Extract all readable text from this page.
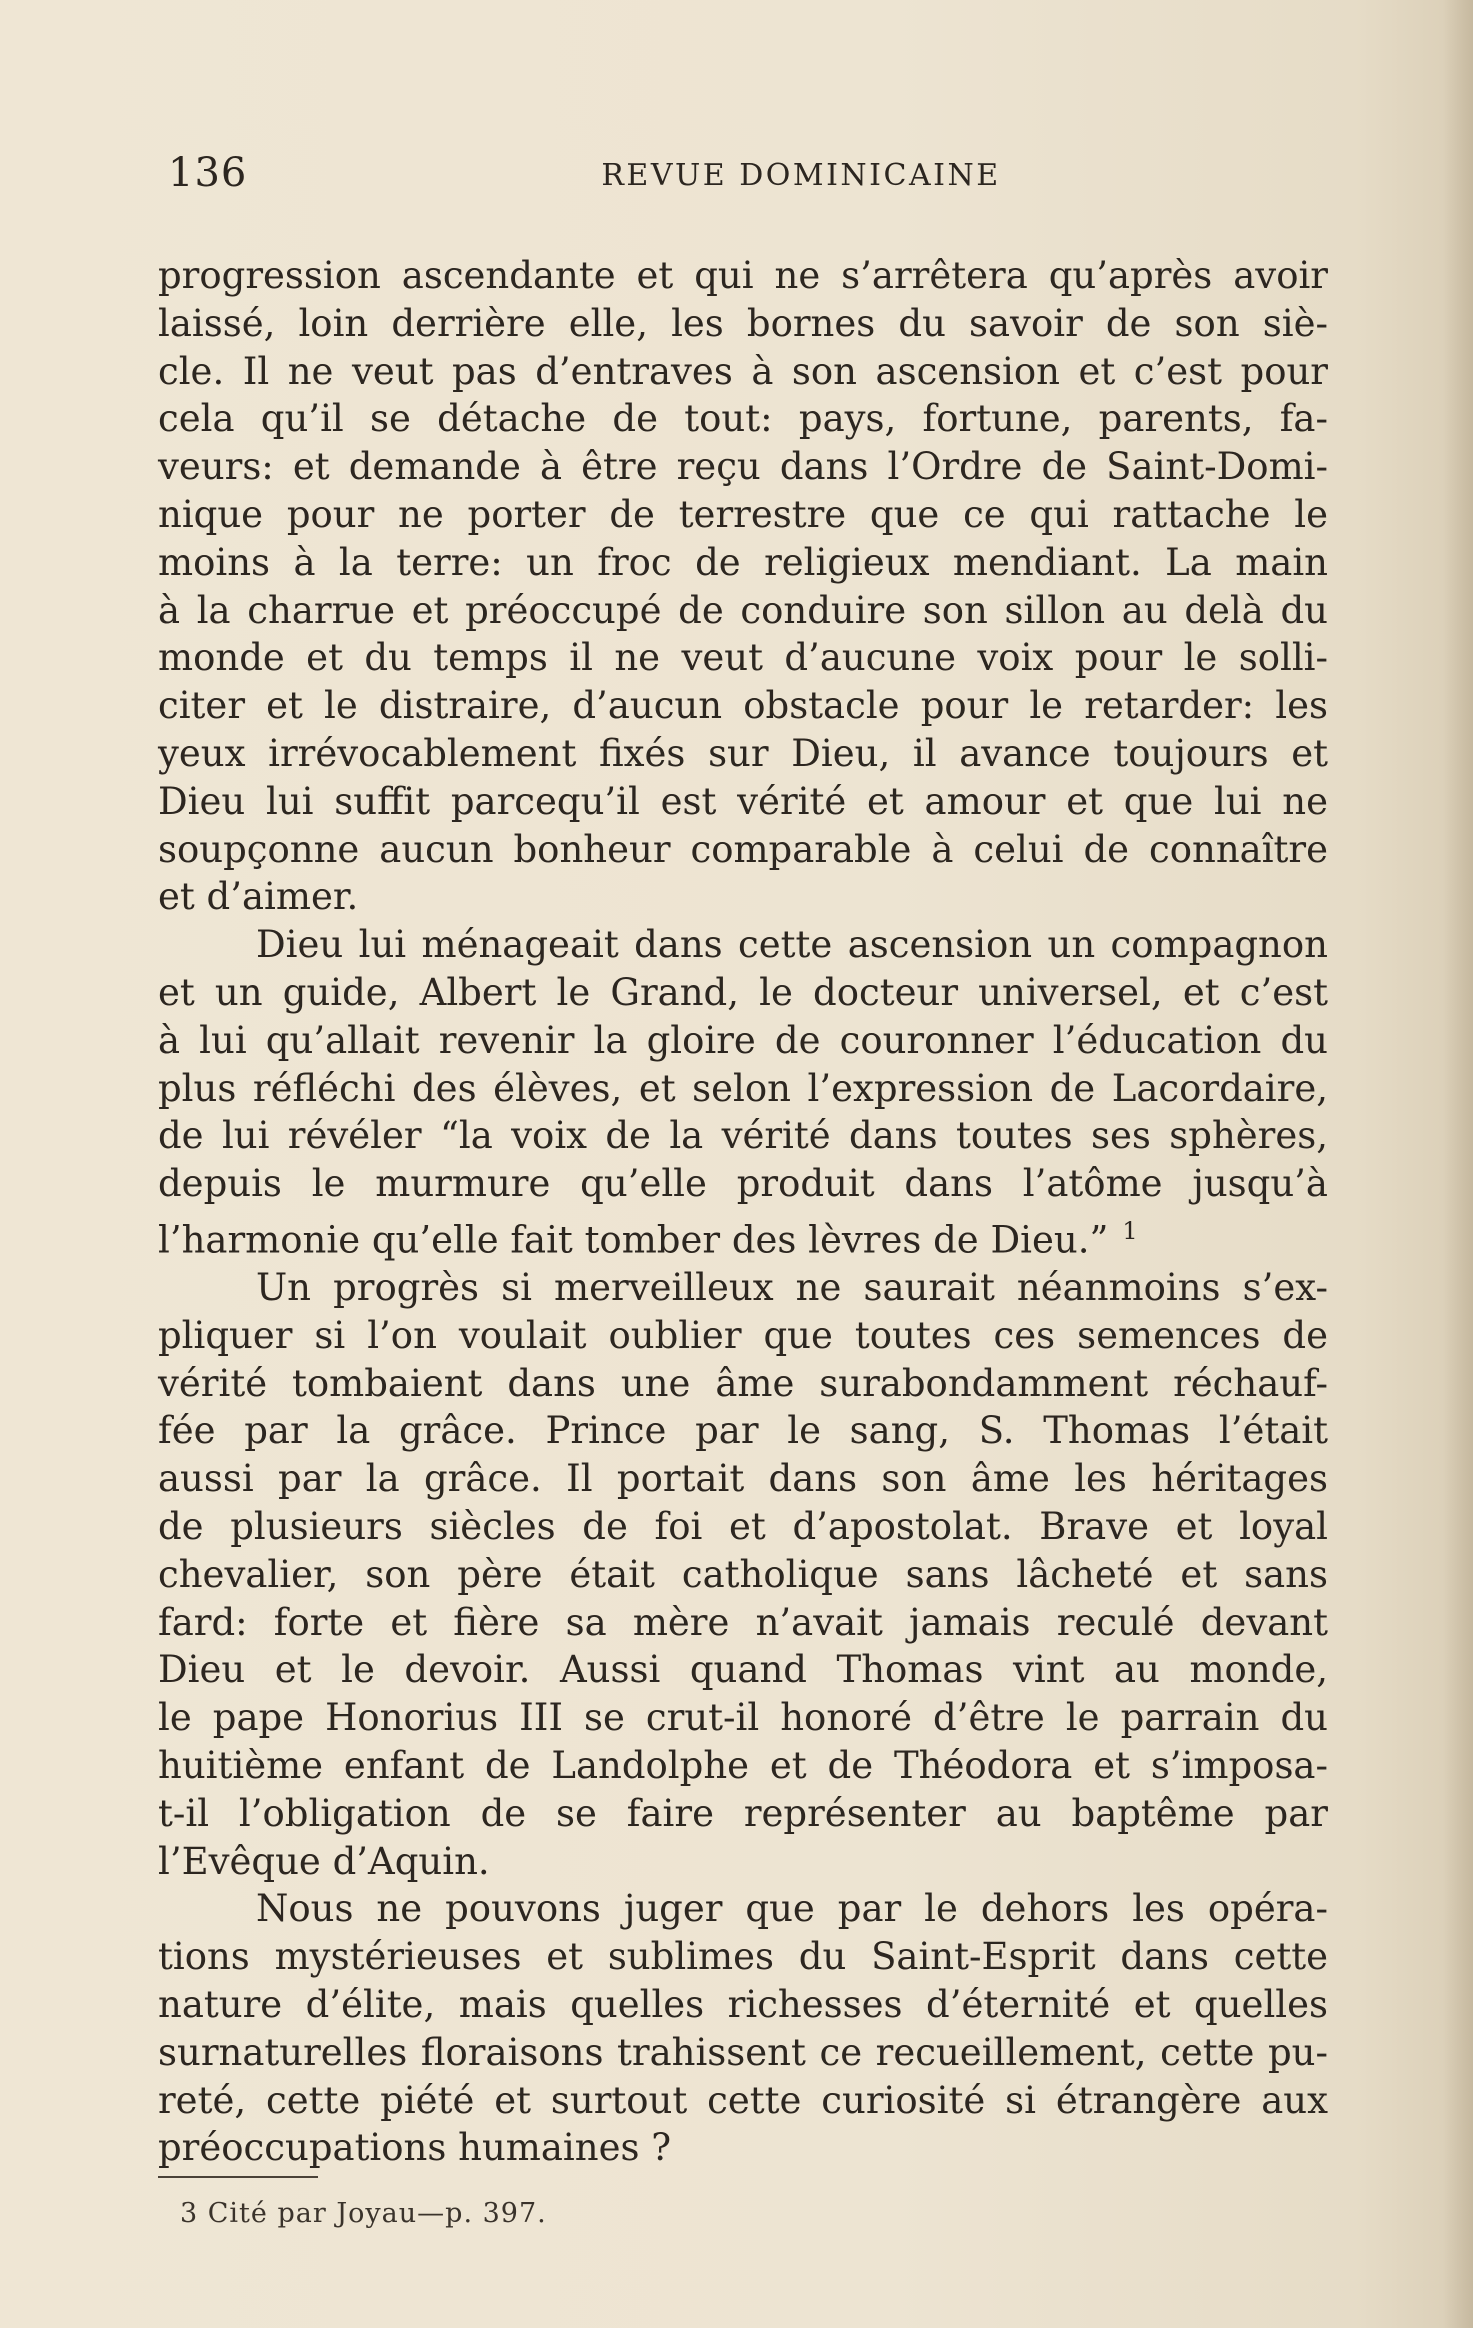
136	REVUE DOMINICAINE
progression ascendante et qui ne s’arrêtera qu’après avoir
laissé, loin derrière elle, les bornes du savoir de son siè-
cle. Il ne veut pas d’entraves à son ascension et c’est pour
cela qu’il se détache de tout: pays, fortune, parents, fa-
veurs: et demande à être reçu dans l’Ordre de Saint-Domi-
nique pour ne porter de terrestre que ce qui rattache le
moins à la terre: un froc de religieux mendiant. La main
à la charrue et préoccupé de conduire son sillon au delà du
monde et du temps il ne veut d’aucune voix pour le solli-
citer et le distraire, d’aucun obstacle pour le retarder: les
yeux irrévocablement fixés sur Dieu, il avance toujours et
Dieu lui suffit parcequ’il est vérité et amour et que lui ne
soupçonne aucun bonheur comparable à celui de connaître
et d’aimer.
Dieu lui ménageait dans cette ascension un compagnon
et un guide, Albert le Grand, le docteur universel, et c’est
à lui qu’allait revenir la gloire de couronner l’éducation du
plus réfléchi des élèves, et selon l’expression de Lacordaire,
de lui révéler “la voix de la vérité dans toutes ses sphères,
depuis le murmure qu’elle produit dans l’atôme jusqu’à
l’harmonie qu’elle fait tomber des lèvres de Dieu.” $^1$
Un progrès si merveilleux ne saurait néanmoins s’ex-
pliquer si l’on voulait oublier que toutes ces semences de
vérité tombaient dans une âme surabondamment réchauf-
fée par la grâce. Prince par le sang, S. Thomas l’était
aussi par la grâce. Il portait dans son âme les héritages
de plusieurs siècles de foi et d’apostolat. Brave et loyal
chevalier, son père était catholique sans lâcheté et sans
fard: forte et fière sa mère n’avait jamais reculé devant
Dieu et le devoir. Aussi quand Thomas vint au monde,
le pape Honorius III se crut-il honoré d’être le parrain du
huitième enfant de Landolphe et de Théodora et s’imposa-
t-il l’obligation de se faire représenter au baptême par
l’Evêque d’Aquin.
Nous ne pouvons juger que par le dehors les opéra-
tions mystérieuses et sublimes du Saint-Esprit dans cette
nature d’élite, mais quelles richesses d’éternité et quelles
surnaturelles floraisons trahissent ce recueillement, cette pu-
reté, cette piété et surtout cette curiosité si étrangère aux
préoccupations humaines ?
3 Cité par Joyau—p. 397.
